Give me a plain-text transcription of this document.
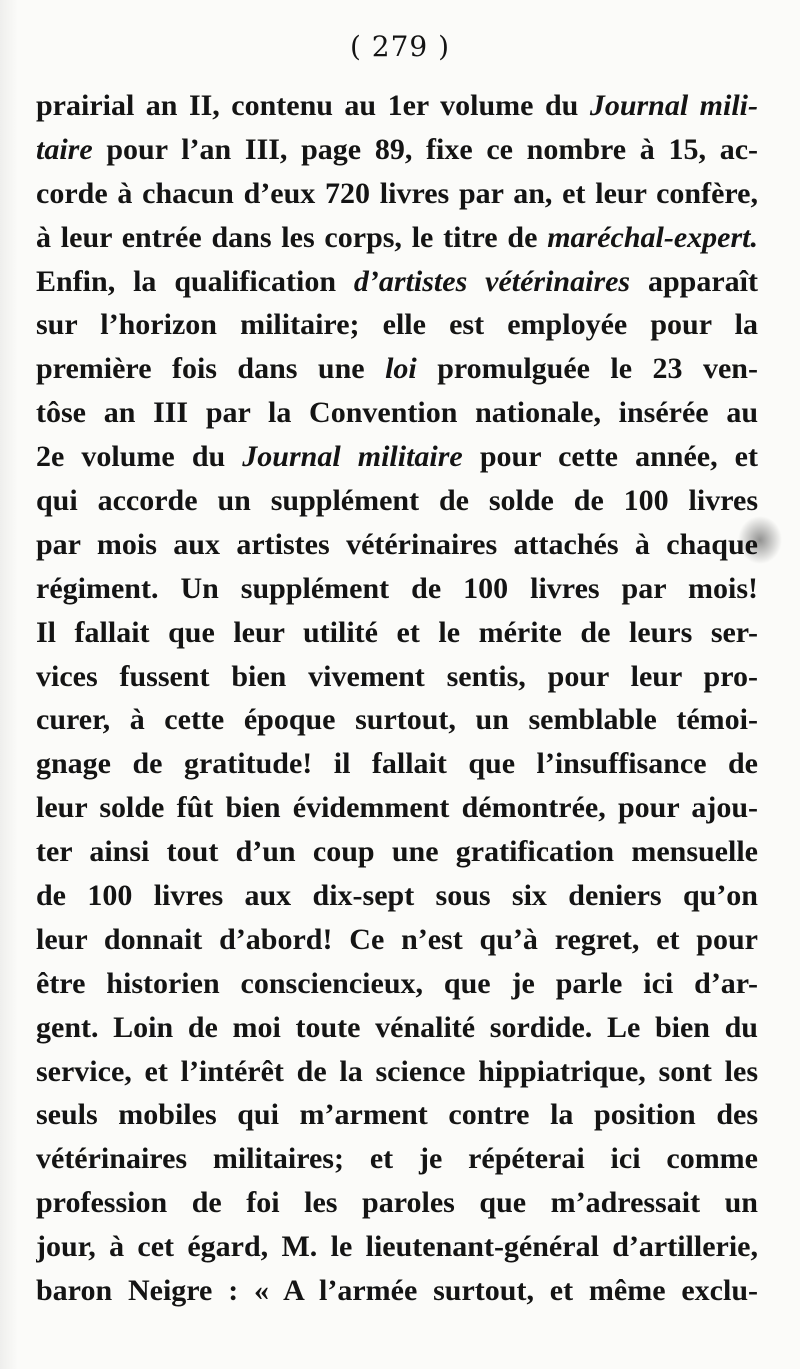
( 279 )
prairial an II, contenu au 1er volume du Journal mili-
taire pour l’an III, page 89, fixe ce nombre à 15, ac-
corde à chacun d’eux 720 livres par an, et leur confère,
à leur entrée dans les corps, le titre de maréchal-expert.
Enfin, la qualification d’artistes vétérinaires apparaît
sur l’horizon militaire; elle est employée pour la
première fois dans une loi promulguée le 23 ven-
tôse an III par la Convention nationale, insérée au
2e volume du Journal militaire pour cette année, et
qui accorde un supplément de solde de 100 livres
par mois aux artistes vétérinaires attachés à chaque
régiment. Un supplément de 100 livres par mois!
Il fallait que leur utilité et le mérite de leurs ser-
vices fussent bien vivement sentis, pour leur pro-
curer, à cette époque surtout, un semblable témoi-
gnage de gratitude! il fallait que l’insuffisance de
leur solde fût bien évidemment démontrée, pour ajou-
ter ainsi tout d’un coup une gratification mensuelle
de 100 livres aux dix-sept sous six deniers qu’on
leur donnait d’abord! Ce n’est qu’à regret, et pour
être historien consciencieux, que je parle ici d’ar-
gent. Loin de moi toute vénalité sordide. Le bien du
service, et l’intérêt de la science hippiatrique, sont les
seuls mobiles qui m’arment contre la position des
vétérinaires militaires; et je répéterai ici comme
profession de foi les paroles que m’adressait un
jour, à cet égard, M. le lieutenant-général d’artillerie,
baron Neigre : « A l’armée surtout, et même exclu-
